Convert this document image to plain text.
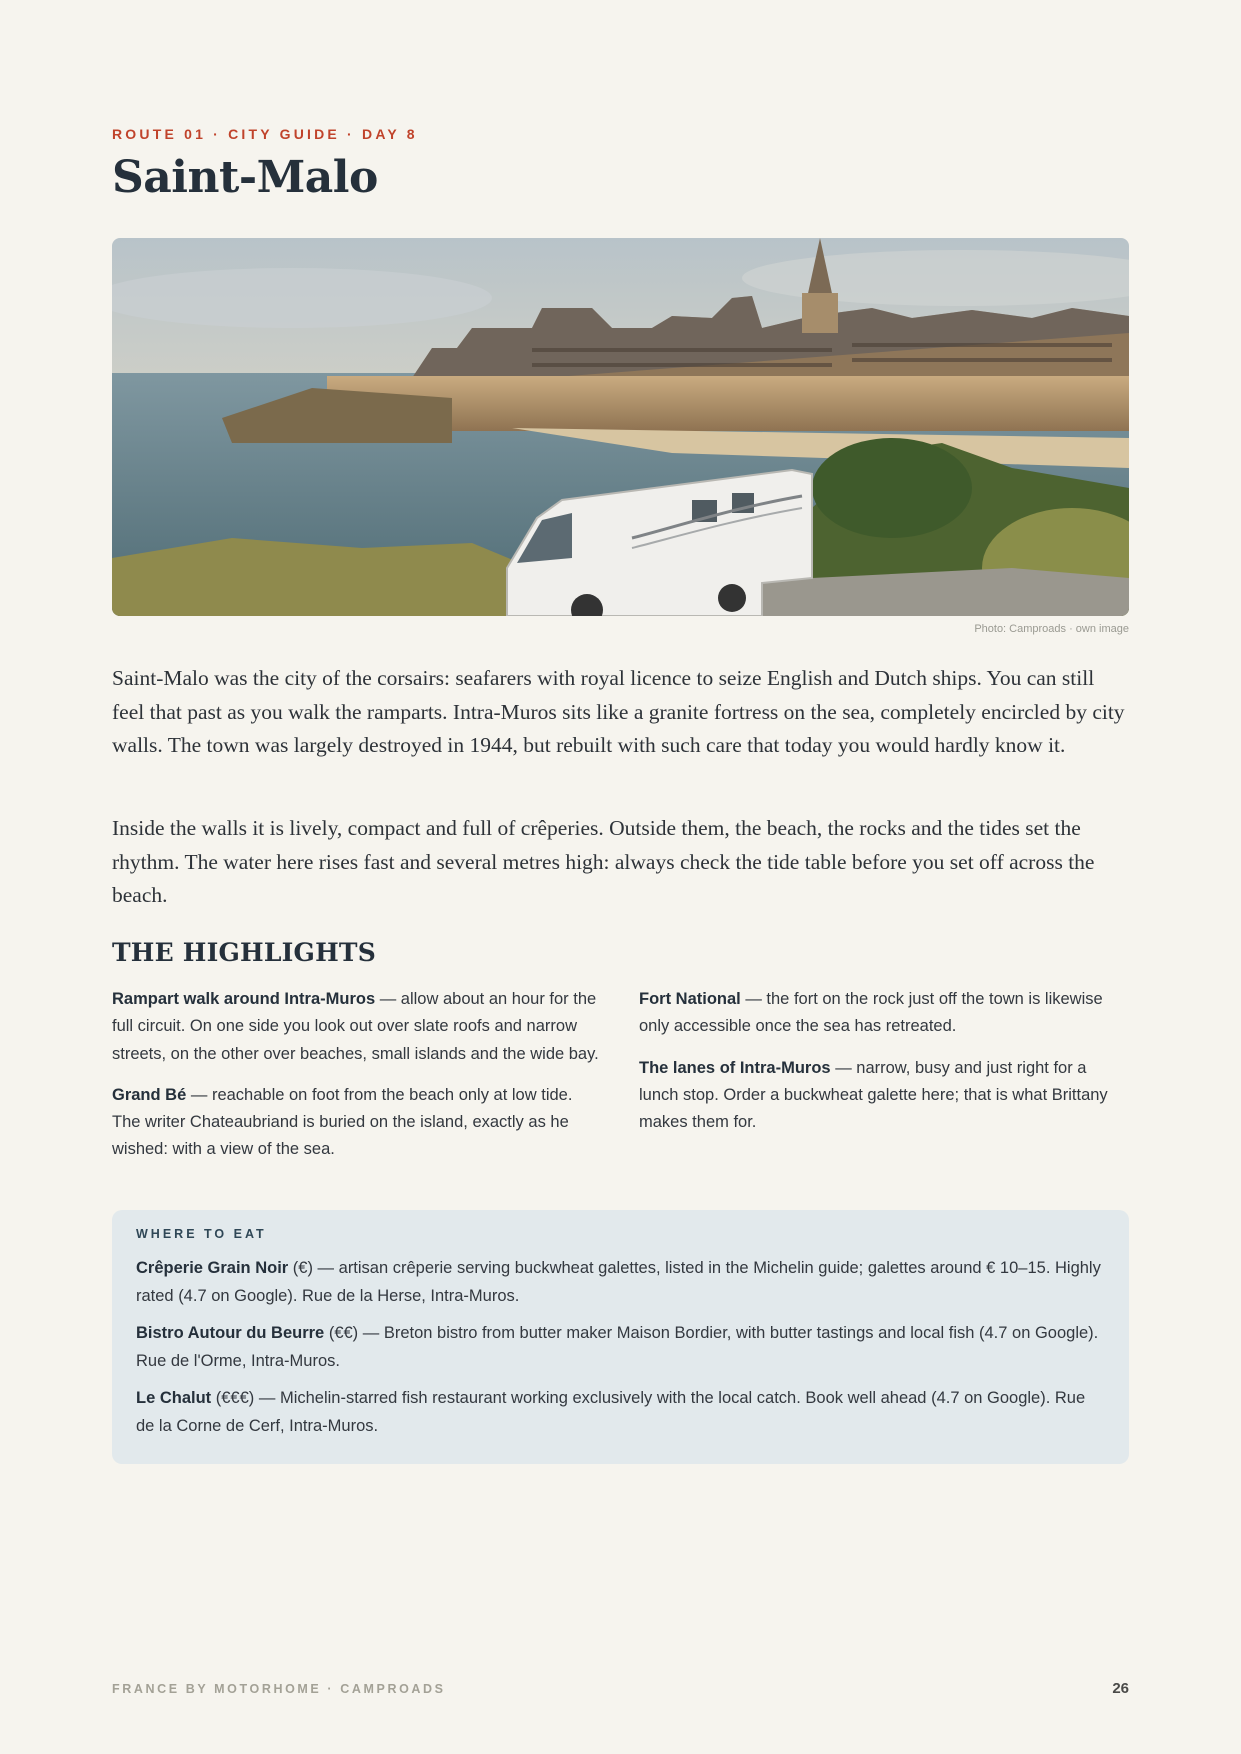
ROUTE 01 · CITY GUIDE · DAY 8
Saint-Malo
Photo: Camproads · own image

Saint-Malo was the city of the corsairs: seafarers with royal licence to seize English and Dutch ships. You can still feel that past as you walk the ramparts. Intra-Muros sits like a granite fortress on the sea, completely encircled by city walls. The town was largely destroyed in 1944, but rebuilt with such care that today you would hardly know it.

Inside the walls it is lively, compact and full of crêperies. Outside them, the beach, the rocks and the tides set the rhythm. The water here rises fast and several metres high: always check the tide table before you set off across the beach.

THE HIGHLIGHTS

Rampart walk around Intra-Muros — allow about an hour for the full circuit. On one side you look out over slate roofs and narrow streets, on the other over beaches, small islands and the wide bay.

Grand Bé — reachable on foot from the beach only at low tide. The writer Chateaubriand is buried on the island, exactly as he wished: with a view of the sea.

Fort National — the fort on the rock just off the town is likewise only accessible once the sea has retreated.

The lanes of Intra-Muros — narrow, busy and just right for a lunch stop. Order a buckwheat galette here; that is what Brittany makes them for.

WHERE TO EAT

Crêperie Grain Noir (€) — artisan crêperie serving buckwheat galettes, listed in the Michelin guide; galettes around € 10–15. Highly rated (4.7 on Google). Rue de la Herse, Intra-Muros.

Bistro Autour du Beurre (€€) — Breton bistro from butter maker Maison Bordier, with butter tastings and local fish (4.7 on Google). Rue de l'Orme, Intra-Muros.

Le Chalut (€€€) — Michelin-starred fish restaurant working exclusively with the local catch. Book well ahead (4.7 on Google). Rue de la Corne de Cerf, Intra-Muros.

FRANCE BY MOTORHOME · CAMPROADS	26
